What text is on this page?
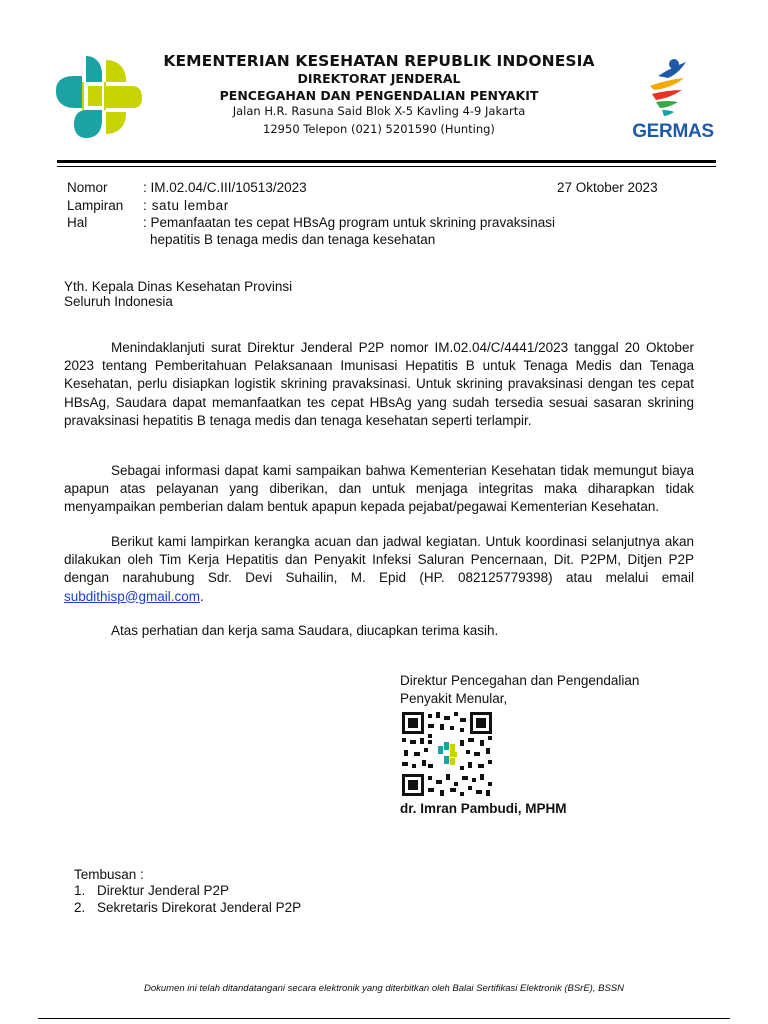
KEMENTERIAN KESEHATAN REPUBLIK INDONESIA
DIREKTORAT JENDERAL
PENCEGAHAN DAN PENGENDALIAN PENYAKIT
Jalan H.R. Rasuna Said Blok X-5 Kavling 4-9 Jakarta
12950 Telepon (021) 5201590 (Hunting)	GERMAS
Nomor	: IM.02.04/C.III/10513/2023	27 Oktober 2023
Lampiran : satu lembar
Hal	: Pemanfaatan tes cepat HBsAg program untuk skrining pravaksinasi
hepatitis B tenaga medis dan tenaga kesehatan
Yth. Kepala Dinas Kesehatan Provinsi
Seluruh Indonesia

Menindaklanjuti surat Direktur Jenderal P2P nomor IM.02.04/C/4441/2023 tanggal 20 Oktober 2023 tentang Pemberitahuan Pelaksanaan Imunisasi Hepatitis B untuk Tenaga Medis dan Tenaga Kesehatan, perlu disiapkan logistik skrining pravaksinasi. Untuk skrining pravaksinasi dengan tes cepat HBsAg, Saudara dapat memanfaatkan tes cepat HBsAg yang sudah tersedia sesuai sasaran skrining pravaksinasi hepatitis B tenaga medis dan tenaga kesehatan seperti terlampir.

Sebagai informasi dapat kami sampaikan bahwa Kementerian Kesehatan tidak memungut biaya apapun atas pelayanan yang diberikan, dan untuk menjaga integritas maka diharapkan tidak menyampaikan pemberian dalam bentuk apapun kepada pejabat/pegawai Kementerian Kesehatan.

Berikut kami lampirkan kerangka acuan dan jadwal kegiatan. Untuk koordinasi selanjutnya akan dilakukan oleh Tim Kerja Hepatitis dan Penyakit Infeksi Saluran Pencernaan, Dit. P2PM, Ditjen P2P dengan narahubung Sdr. Devi Suhailin, M. Epid (HP. 082125779398) atau melalui email subdithisp@gmail.com.

Atas perhatian dan kerja sama Saudara, diucapkan terima kasih.

Direktur Pencegahan dan Pengendalian
Penyakit Menular,
dr. Imran Pambudi, MPHM
Tembusan :
1. Direktur Jenderal P2P
2. Sekretaris Direkorat Jenderal P2P
Dokumen ini telah ditandatangani secara elektronik yang diterbitkan oleh Balai Sertifikasi Elektronik (BSrE), BSSN
